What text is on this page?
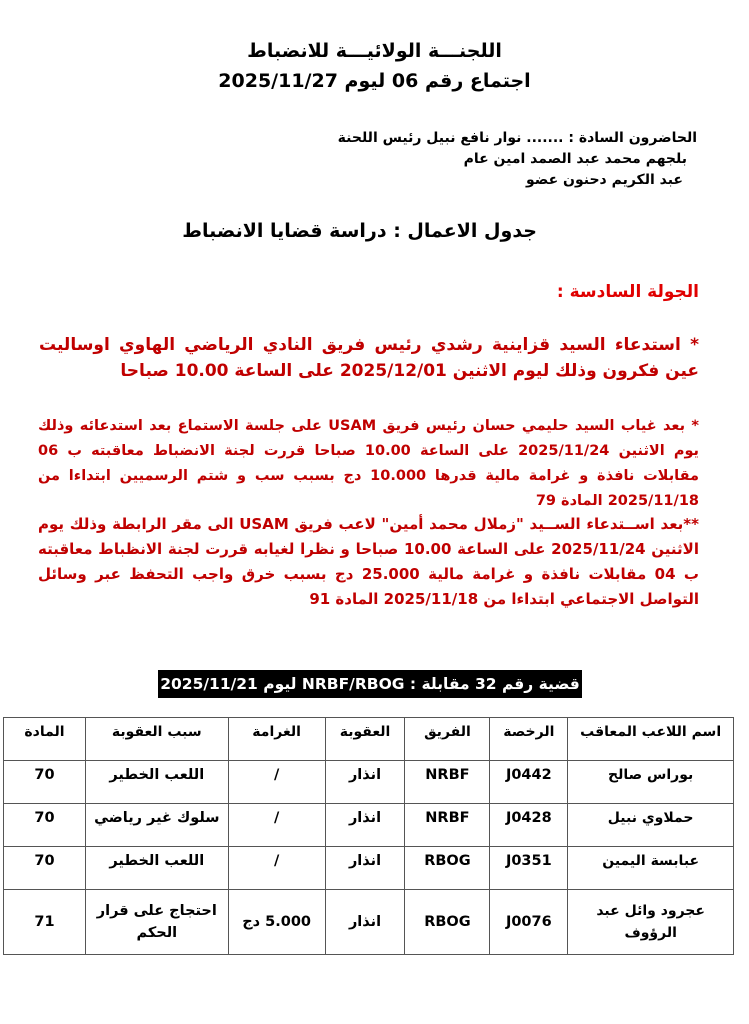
اللجنـــة الولائيـــة للانضباط
اجتماع رقم 06 ليوم 2025/11/27
الحاضرون السادة : ....... نوار نافع نبيل رئيس اللحنة
بلجهم محمد عبد الصمد امين عام
عبد الكريم دحنون عضو
جدول الاعمال : دراسة قضايا الانضباط
الجولة السادسة :
* استدعاء السيد قزاينية رشدي رئيس فريق النادي الرياضي الهاوي اوساليت عين فكرون وذلك ليوم الاثنين 2025/12/01 على الساعة 10.00 صباحا
* بعد غياب السيد حليمي حسان رئيس فريق USAM على جلسة الاستماع بعد استدعائه وذلك يوم الاثنين 2025/11/24 على الساعة 10.00 صباحا قررت لجنة الانضباط معاقبته ب 06 مقابلات نافذة و غرامة مالية قدرها 10.000 دج بسبب سب و شتم الرسميين ابتداءا من 2025/11/18 المادة 79
**بعد اســتدعاء الســيد "زملال محمد أمين" لاعب فريق USAM الى مقر الرابطة وذلك يوم الاثنين 2025/11/24 على الساعة 10.00 صباحا و نظرا لغيابه قررت لجنة الانظباط معاقبته ب 04 مقابلات نافذة و غرامة مالية 25.000 دج بسبب خرق واجب التحفظ عبر وسائل التواصل الاجتماعي ابتداءا من 2025/11/18 المادة 91
قضية رقم 32 مقابلة : NRBF/RBOG ليوم 2025/11/21
اسم اللاعب المعاقب	الرخصة	الفريق	العقوبة	الغرامة	سبب العقوبة	المادة
بوراس صالح	J0442	NRBF	انذار	/	اللعب الخطير	70
حملاوي نبيل	J0428	NRBF	انذار	/	سلوك غير رياضي	70
عبابسة اليمين	J0351	RBOG	انذار	/	اللعب الخطير	70
عجرود وائل عبد الرؤوف	J0076	RBOG	انذار	5.000 دج	احتجاج على قرار الحكم	71
